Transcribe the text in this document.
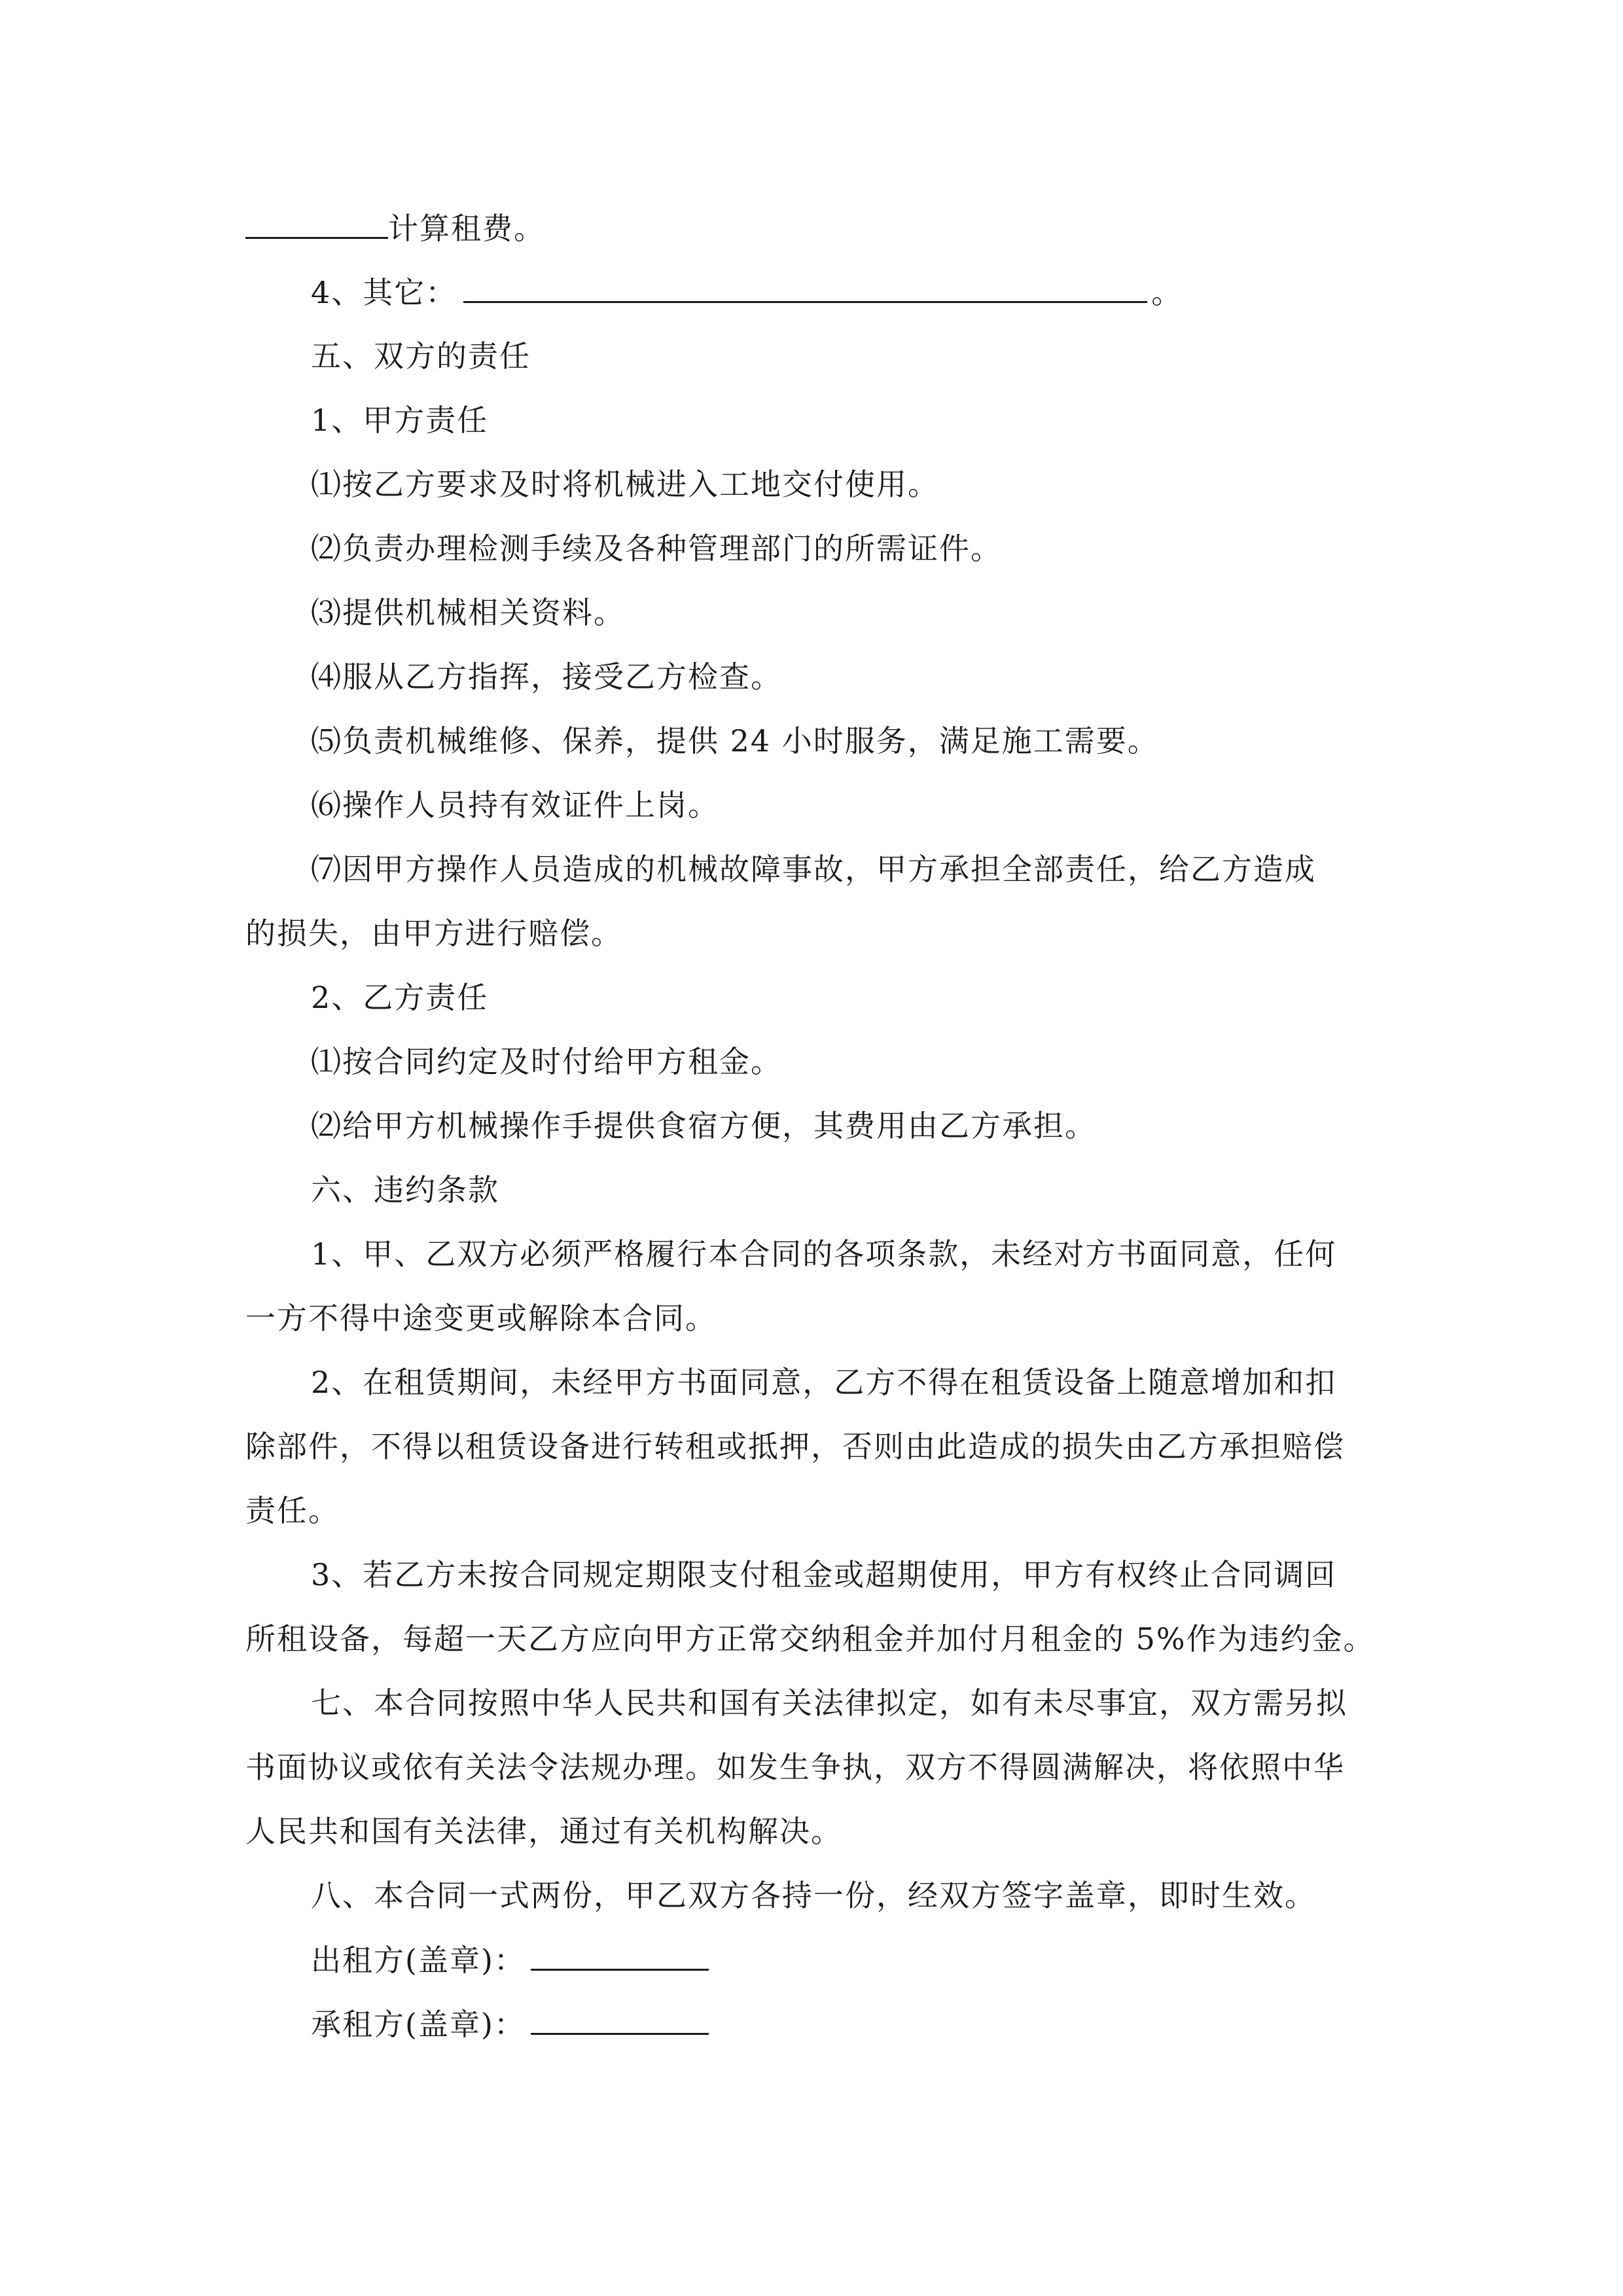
计算租费。
4、其它：	。
五、双方的责任
1、甲方责任
⑴按乙方要求及时将机械进入工地交付使用。
⑵负责办理检测手续及各种管理部门的所需证件。
⑶提供机械相关资料。
⑷服从乙方指挥，接受乙方检查。
⑸负责机械维修、保养，提供 24 小时服务，满足施工需要。
⑹操作人员持有效证件上岗。
⑺因甲方操作人员造成的机械故障事故，甲方承担全部责任，给乙方造成
的损失，由甲方进行赔偿。
2、乙方责任
⑴按合同约定及时付给甲方租金。
⑵给甲方机械操作手提供食宿方便，其费用由乙方承担。
六、违约条款
1、甲、乙双方必须严格履行本合同的各项条款，未经对方书面同意，任何
一方不得中途变更或解除本合同。
2、在租赁期间，未经甲方书面同意，乙方不得在租赁设备上随意增加和扣
除部件，不得以租赁设备进行转租或抵押，否则由此造成的损失由乙方承担赔偿
责任。
3、若乙方未按合同规定期限支付租金或超期使用，甲方有权终止合同调回
所租设备，每超一天乙方应向甲方正常交纳租金并加付月租金的 5%作为违约金。
七、本合同按照中华人民共和国有关法律拟定，如有未尽事宜，双方需另拟
书面协议或依有关法令法规办理。如发生争执，双方不得圆满解决，将依照中华
人民共和国有关法律，通过有关机构解决。
八、本合同一式两份，甲乙双方各持一份，经双方签字盖章，即时生效。
出租方(盖章)：
承租方(盖章)：
